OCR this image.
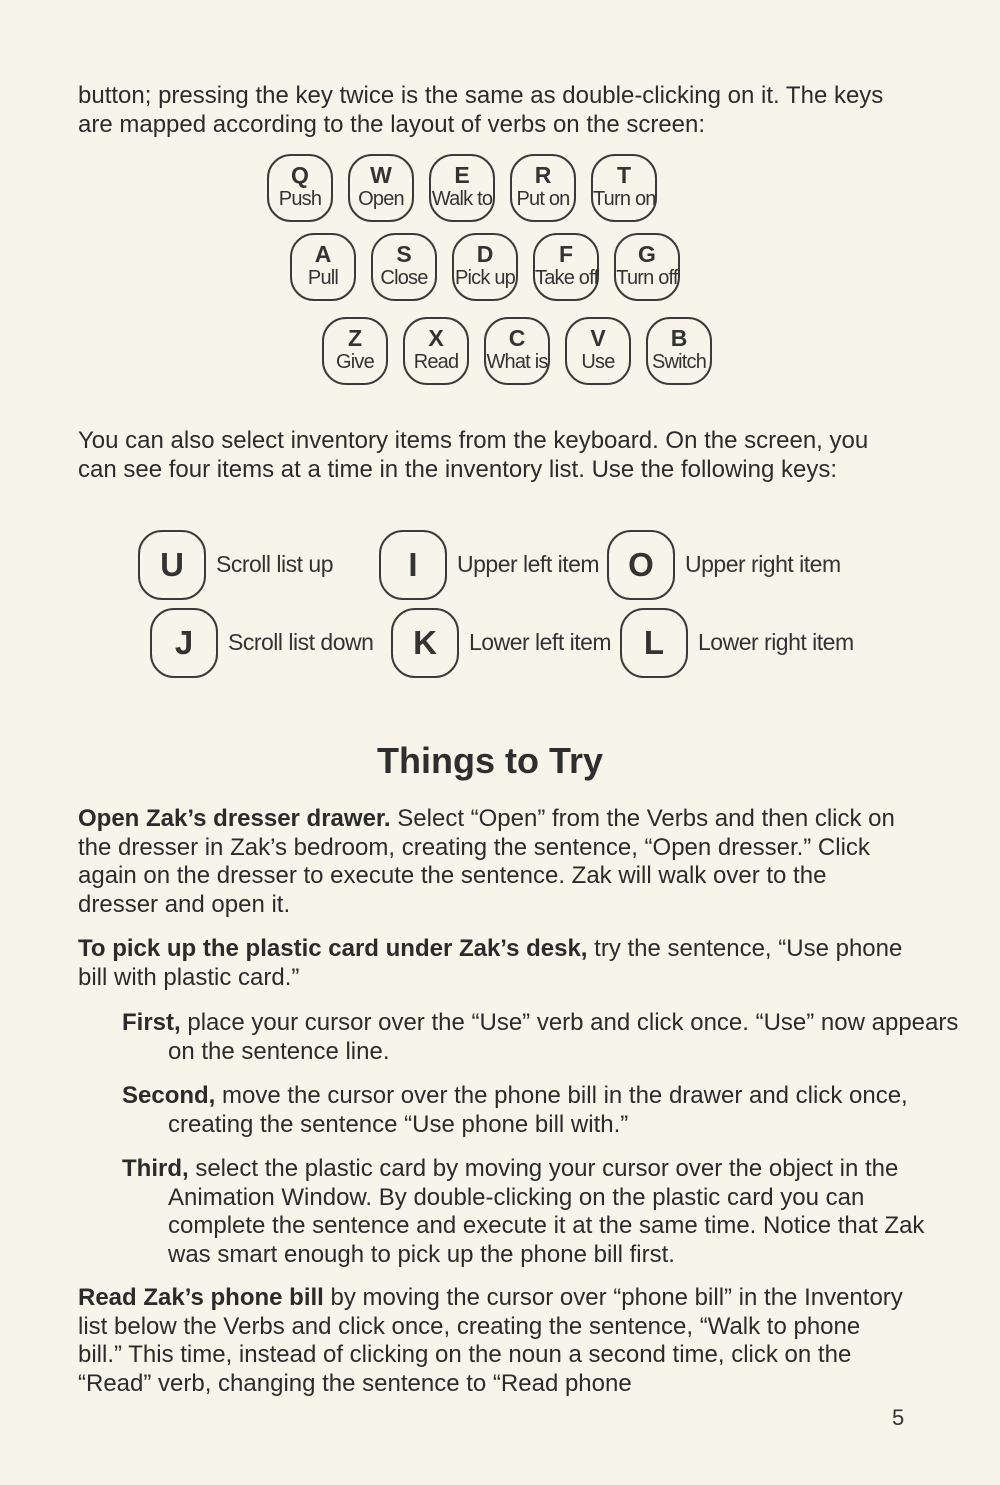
button; pressing the key twice is the same as double-clicking on it. The keys are mapped according to the layout of verbs on the screen:

Q
Push
W
Open
E
Walk to
R
Put on
T
Turn on
A
Pull
S
Close
D
Pick up
F
Take off
G
Turn off
Z
Give
X
Read
C
What is
V
Use
B
Switch

You can also select inventory items from the keyboard. On the screen, you can see four items at a time in the inventory list. Use the following keys:

U	Scroll list up	I	Upper left item O	Upper right item
J	Scroll list down	K	Lower left item L	Lower right item
Things to Try

Open Zak’s dresser drawer. Select “Open” from the Verbs and then click on the dresser in Zak’s bedroom, creating the sentence, “Open dresser.” Click again on the dresser to execute the sentence. Zak will walk over to the dresser and open it.

To pick up the plastic card under Zak’s desk, try the sentence, “Use phone bill with plastic card.”

First, place your cursor over the “Use” verb and click once. “Use” now appears on the sentence line.

Second, move the cursor over the phone bill in the drawer and click once, creating the sentence “Use phone bill with.”

Third, select the plastic card by moving your cursor over the object in the Animation Window. By double-clicking on the plastic card you can complete the sentence and execute it at the same time. Notice that Zak was smart enough to pick up the phone bill first.

Read Zak’s phone bill by moving the cursor over “phone bill” in the Inventory list below the Verbs and click once, creating the sentence, “Walk to phone bill.” This time, instead of clicking on the noun a second time, click on the “Read” verb, changing the sentence to “Read phone

5
